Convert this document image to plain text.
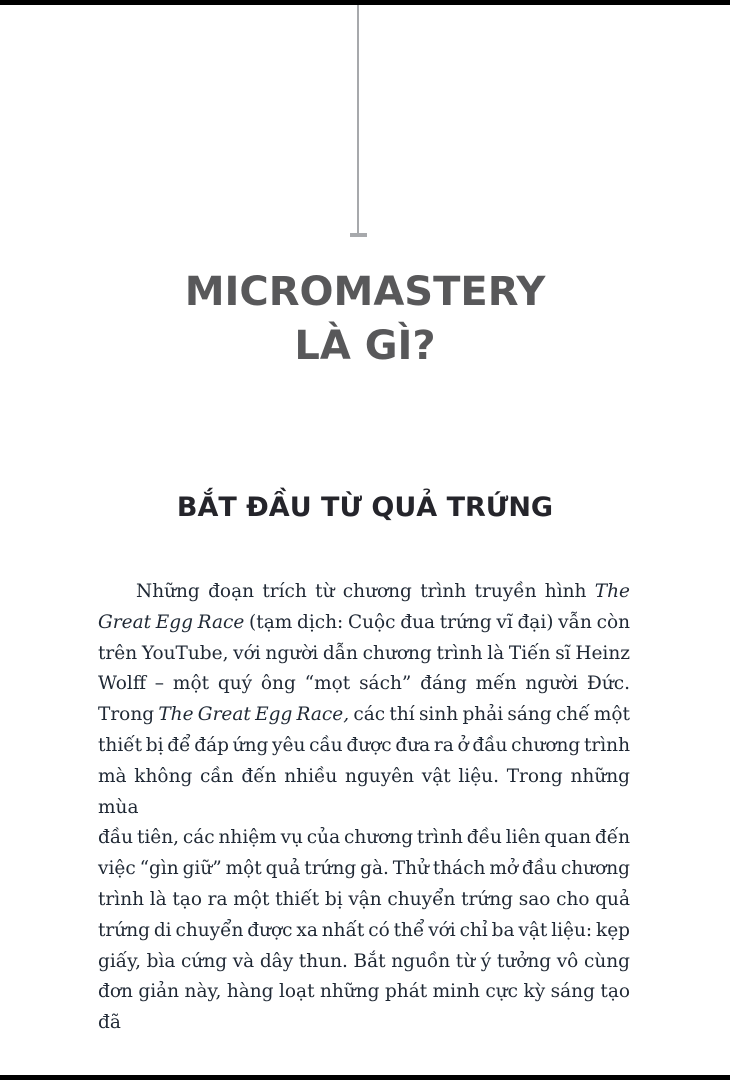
MICROMASTERY
LÀ GÌ?
BẮT ĐẦU TỪ QUẢ TRỨNG
Những đoạn trích từ chương trình truyền hình The
Great Egg Race (tạm dịch: Cuộc đua trứng vĩ đại) vẫn còn
trên YouTube, với người dẫn chương trình là Tiến sĩ Heinz
Wolff – một quý ông “mọt sách” đáng mến người Đức.
Trong The Great Egg Race, các thí sinh phải sáng chế một
thiết bị để đáp ứng yêu cầu được đưa ra ở đầu chương trình
mà không cần đến nhiều nguyên vật liệu. Trong những mùa
đầu tiên, các nhiệm vụ của chương trình đều liên quan đến
việc “gìn giữ” một quả trứng gà. Thử thách mở đầu chương
trình là tạo ra một thiết bị vận chuyển trứng sao cho quả
trứng di chuyển được xa nhất có thể với chỉ ba vật liệu: kẹp
giấy, bìa cứng và dây thun. Bắt nguồn từ ý tưởng vô cùng
đơn giản này, hàng loạt những phát minh cực kỳ sáng tạo đã
